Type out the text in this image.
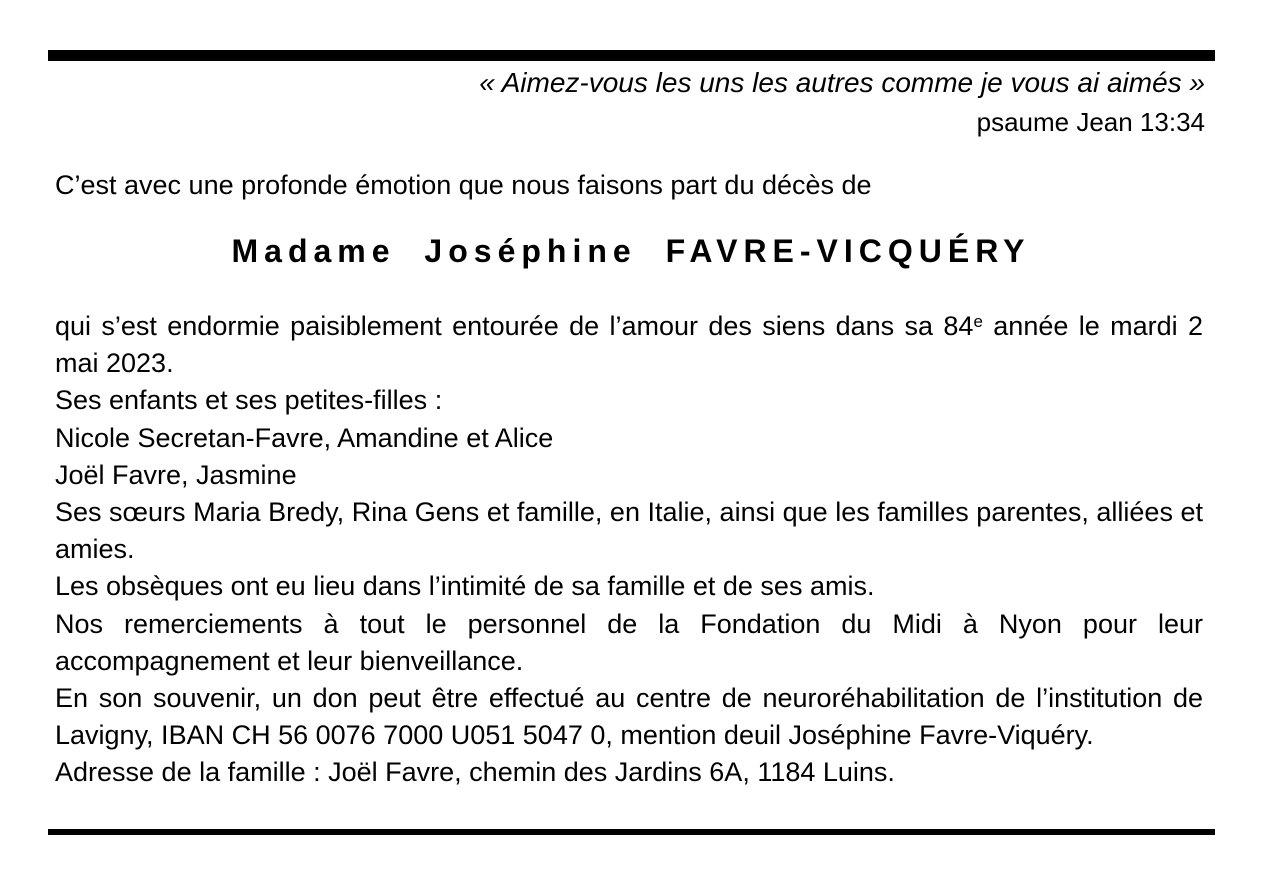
« Aimez-vous les uns les autres comme je vous ai aimés »
psaume Jean 13:34
C’est avec une profonde émotion que nous faisons part du décès de
Madame Joséphine FAVRE-VICQUÉRY

qui s’est endormie paisiblement entourée de l’amour des siens dans sa 84e année le mardi 2 mai 2023.

Ses enfants et ses petites-filles :

Nicole Secretan-Favre, Amandine et Alice

Joël Favre, Jasmine

Ses sœurs Maria Bredy, Rina Gens et famille, en Italie, ainsi que les familles parentes, alliées et amies.

Les obsèques ont eu lieu dans l’intimité de sa famille et de ses amis.

Nos remerciements à tout le personnel de la Fondation du Midi à Nyon pour leur accompagnement et leur bienveillance.

En son souvenir, un don peut être effectué au centre de neuroréhabilitation de l’institution de Lavigny, IBAN CH 56 0076 7000 U051 5047 0, mention deuil Joséphine Favre-Viquéry.

Adresse de la famille : Joël Favre, chemin des Jardins 6A, 1184 Luins.
